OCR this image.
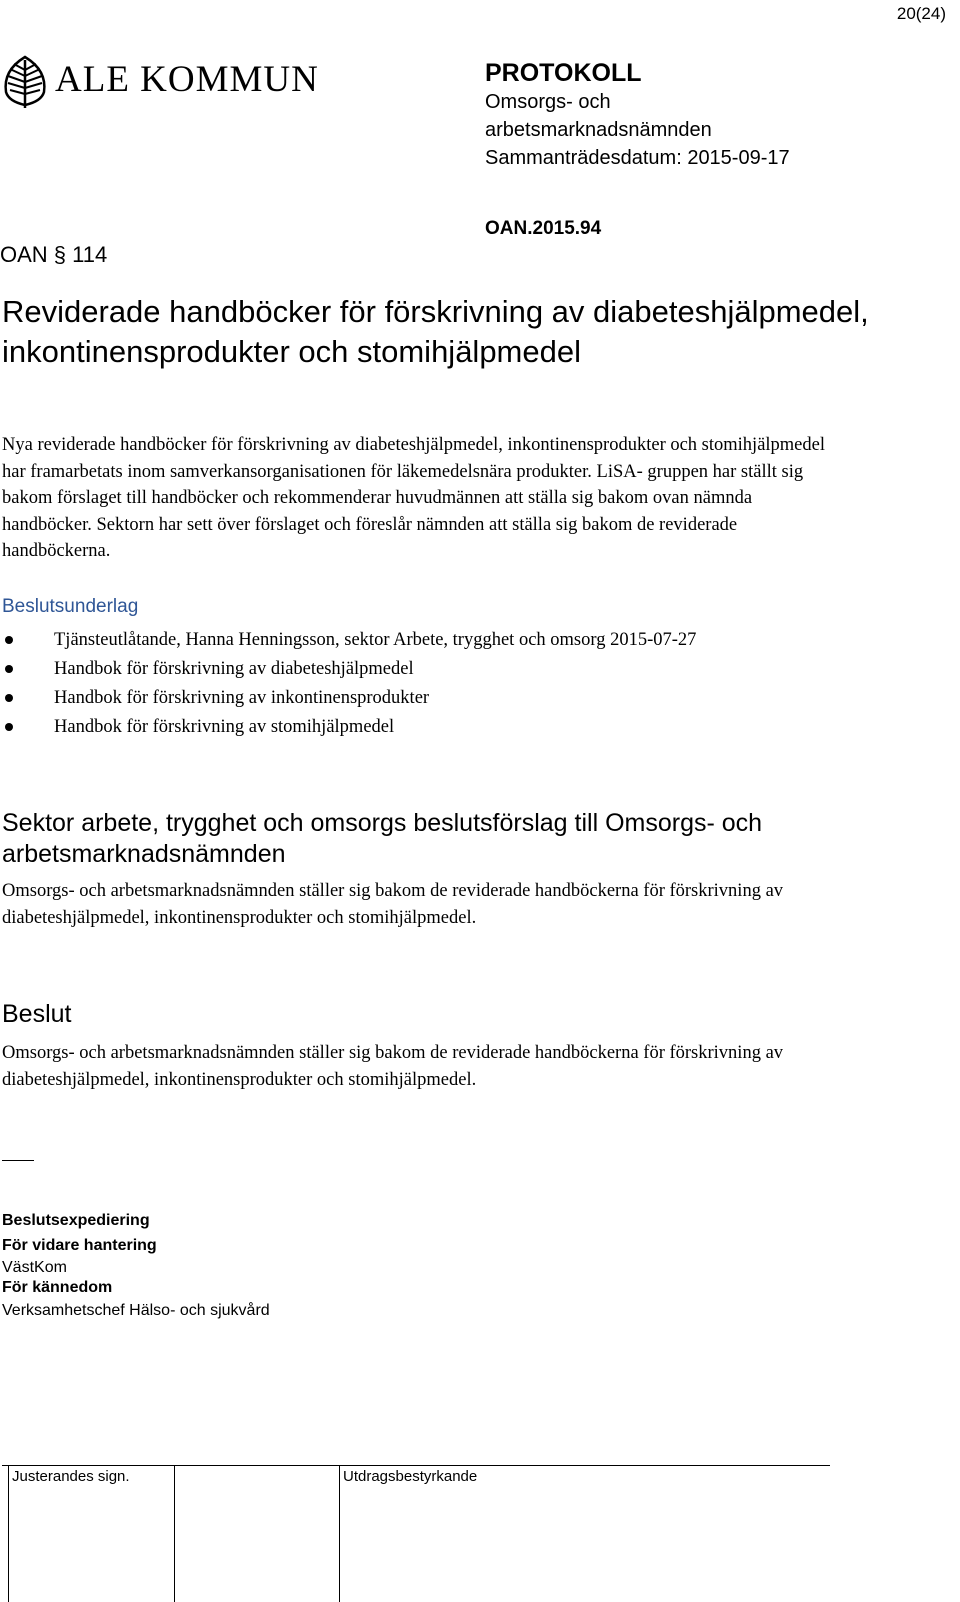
20(24)
ALE KOMMUN	PROTOKOLL
Omsorgs- och
arbetsmarknadsnämnden
Sammanträdesdatum: 2015-09-17
OAN § 114
OAN.2015.94
Reviderade handböcker för förskrivning av diabeteshjälpmedel, inkontinensprodukter och stomihjälpmedel
Nya reviderade handböcker för förskrivning av diabeteshjälpmedel, inkontinensprodukter och stomihjälpmedel har framarbetats inom samverkansorganisationen för läkemedelsnära produkter. LiSA- gruppen har ställt sig bakom förslaget till handböcker och rekommenderar huvudmännen att ställa sig bakom ovan nämnda handböcker. Sektorn har sett över förslaget och föreslår nämnden att ställa sig bakom de reviderade handböckerna.
Beslutsunderlag
Tjänsteutlåtande, Hanna Henningsson, sektor Arbete, trygghet och omsorg 2015-07-27
Handbok för förskrivning av diabeteshjälpmedel
Handbok för förskrivning av inkontinensprodukter
Handbok för förskrivning av stomihjälpmedel
Sektor arbete, trygghet och omsorgs beslutsförslag till Omsorgs- och arbetsmarknadsnämnden
Omsorgs- och arbetsmarknadsnämnden ställer sig bakom de reviderade handböckerna för förskrivning av diabeteshjälpmedel, inkontinensprodukter och stomihjälpmedel.
Beslut
Omsorgs- och arbetsmarknadsnämnden ställer sig bakom de reviderade handböckerna för förskrivning av diabeteshjälpmedel, inkontinensprodukter och stomihjälpmedel.
Beslutsexpediering
För vidare hantering
VästKom
För kännedom
Verksamhetschef Hälso- och sjukvård
Justerandes sign.	Utdragsbestyrkande
